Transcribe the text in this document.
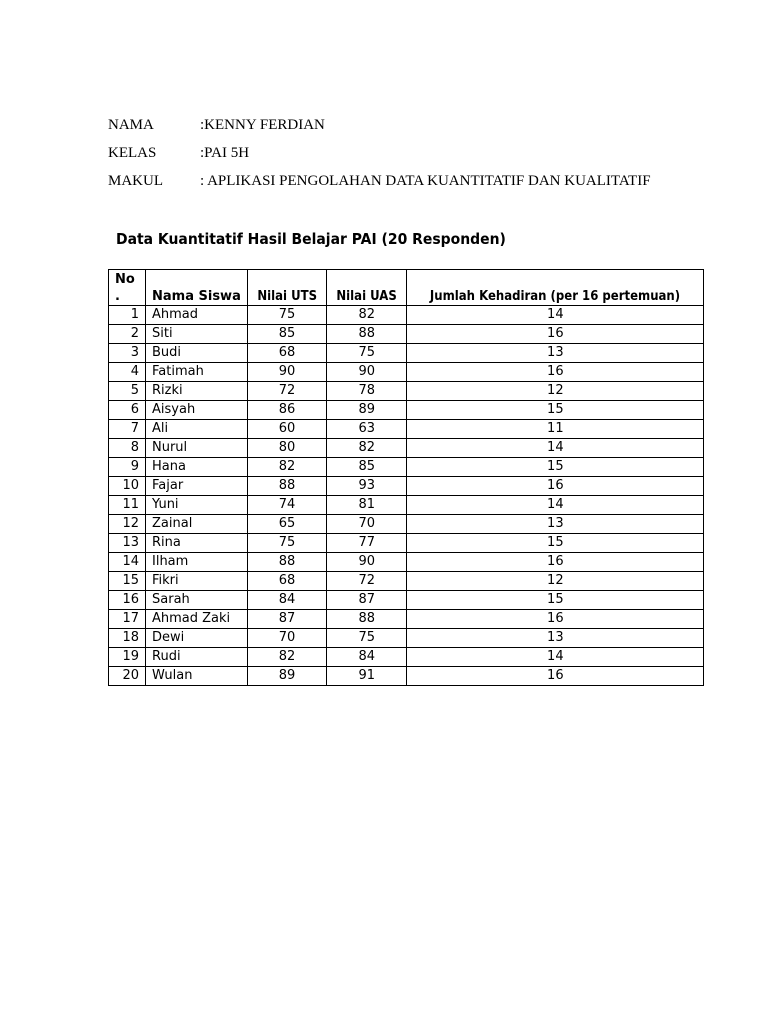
NAMA	:KENNY FERDIAN
KELAS	:PAI 5H
MAKUL : APLIKASI PENGOLAHAN DATA KUANTITATIF DAN KUALITATIF
Data Kuantitatif Hasil Belajar PAI (20 Responden)
No
.	Nama Siswa	Nilai UTS	Nilai UAS	Jumlah Kehadiran (per 16 pertemuan)
1	Ahmad	75	82	14
2	Siti	85	88	16
3	Budi	68	75	13
4	Fatimah	90	90	16
5	Rizki	72	78	12
6	Aisyah	86	89	15
7	Ali	60	63	11
8	Nurul	80	82	14
9	Hana	82	85	15
10	Fajar	88	93	16
11	Yuni	74	81	14
12	Zainal	65	70	13
13	Rina	75	77	15
14	Ilham	88	90	16
15	Fikri	68	72	12
16	Sarah	84	87	15
17	Ahmad Zaki	87	88	16
18	Dewi	70	75	13
19	Rudi	82	84	14
20	Wulan	89	91	16
